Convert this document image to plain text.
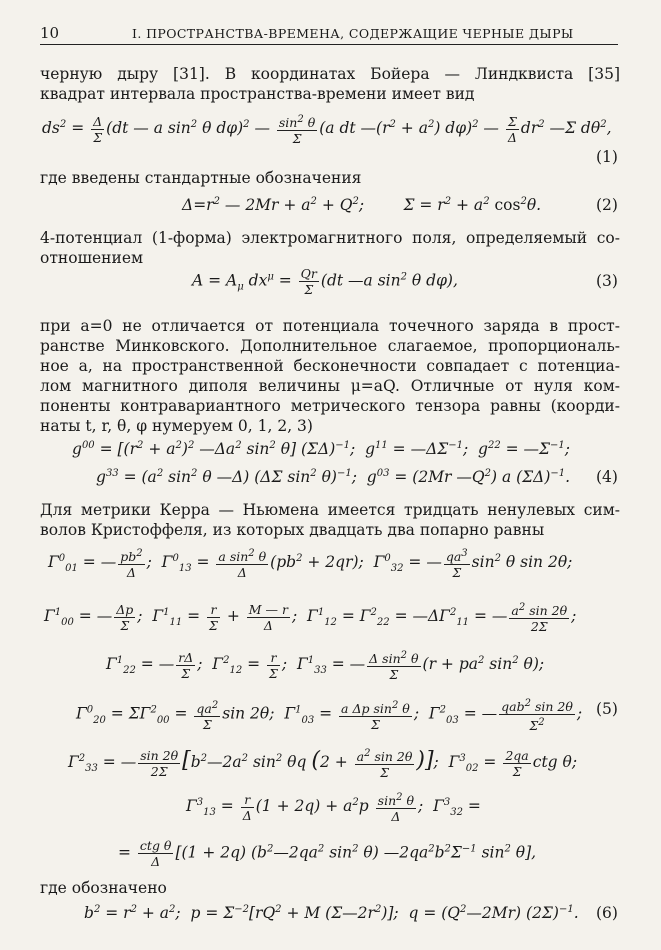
10	I. ПРОСТРАНСТВА-ВРЕМЕНА, СОДЕРЖАЩИЕ ЧЕРНЫЕ ДЫРЫ
черную дыру [31]. В координатах Бойера — Линдквиста [35]
квадрат интервала пространства-времени имеет вид
$ds^2 = \frac{\Delta}{\Sigma} (dt$ — a $\sin^2 \theta$ dφ)$^2$ — $\frac{\sin^2 \theta}{\Sigma} (a$ dt $—(r^2 + a^2)$ dφ)$^2$ — $\frac{\Sigma}{\Delta} dr^2$ —Σ $d\theta^2$,
(1)
где введены стандартные обозначения
$\Delta=r^2$ — $2Mr + a^2 + Q^2$;        $\Sigma = r^2 + a^2$ $\cos^2\theta$.	(2)
4-потенциал (1-форма) электромагнитного поля, определяемый со-
отношением
$A = A_\mu$ $dx^\mu = \frac{Qr}{\Sigma} (dt$ —a $\sin^2 \theta$ dφ),	(3)
при a=0 не отличается от потенциала точечного заряда в прост-
ранстве Минковского. Дополнительное слагаемое, пропорциональ-
ное a, на пространственной бесконечности совпадает с потенциа-
лом магнитного диполя величины μ=aQ. Отличные от нуля ком-
поненты контравариантного метрического тензора равны (коорди-
наты t, r, θ, φ нумеруем 0, 1, 2, 3)
$g^{00} = [(r^2 + a^2)^2$ $—\Delta a^2$ $\sin^2 \theta$] $(\Sigma\Delta)^{-1}$;  $g^{11}$ = $—\Delta\Sigma^{-1}$;  $g^{22}$ = $—\Sigma^{-1}$;
$g^{33} = (a^2$ $\sin^2 \theta$ —Δ) (ΔΣ $\sin^2 \theta)^{-1}$;  $g^{03} = (2Mr$ $—Q^2$) a $(\Sigma\Delta)^{-1}$. (4)
Для метрики Керра — Ньюмена имеется тридцать ненулевых сим-
волов Кристоффеля, из которых двадцать два попарно равны
$\Gamma^0_{01}$ = — $\frac{pb^2}{\Delta}$ ;  $\Gamma^0_{13} = \frac{a \sin^2 \theta}{\Delta} (pb^2 + 2qr)$;  $\Gamma^0_{32}$ = — $\frac{qa^3}{\Sigma} \sin^2 \theta$ sin 2θ;
$\Gamma^1_{00}$ = — $\frac{\Delta p}{\Sigma}$ ;  $\Gamma^1_{11} = \frac{r}{\Sigma} + \frac{M — r}{\Delta}$ ;  $\Gamma^1_{12} = \Gamma^2_{22}$ = $—\Delta\Gamma^2_{11}$ = — $\frac{a^2 \sin 2\theta}{2\Sigma}$ ;
$\Gamma^1_{22}$ = — $\frac{r\Delta}{\Sigma}$ ;  $\Gamma^2_{12} = \frac{r}{\Sigma}$ ;  $\Gamma^1_{33}$ = — $\frac{\Delta \sin^2 \theta}{\Sigma} (r + pa^2$ $\sin^2 \theta$);
$\Gamma^0_{20} = \Sigma\Gamma^2_{00} = \frac{qa^2}{\Sigma}$ sin 2θ;  $\Gamma^1_{03} = \frac{a \Delta p \sin^2 \theta}{\Sigma}$ ;  $\Gamma^2_{03}$ = — qab$^2$ sin 2θ
$\Sigma^2$	; (5)
$\Gamma^2_{33}$ = — $\frac{\sin 2\theta}{2\Sigma}$ [$b^2—2a^2$ $\sin^2 \theta q$ ($2 + \frac{a^2 \sin 2\theta}{\Sigma}$ )];  $\Gamma^3_{02} = \frac{2qa}{\Sigma}$ ctg θ;
$\Gamma^3_{13} = \frac{r}{\Delta} (1 + 2q) + a^2p \frac{\sin^2 \theta}{\Delta}$ ;  $\Gamma^3_{32}$ =
= ctg θ
Δ [(1 + 2q) ($b^2—2qa^2$ $\sin^2 \theta$) $—2qa^2b^2\Sigma^{-1}$ $\sin^2 \theta$],
где обозначено
$b^2 = r^2 + a^2$;  $p = \Sigma^{-2}[rQ^2 + M$ $(\Sigma—2r^2)$];  $q = (Q^2—2Mr)$ $(2\Sigma)^{-1}$. (6)
